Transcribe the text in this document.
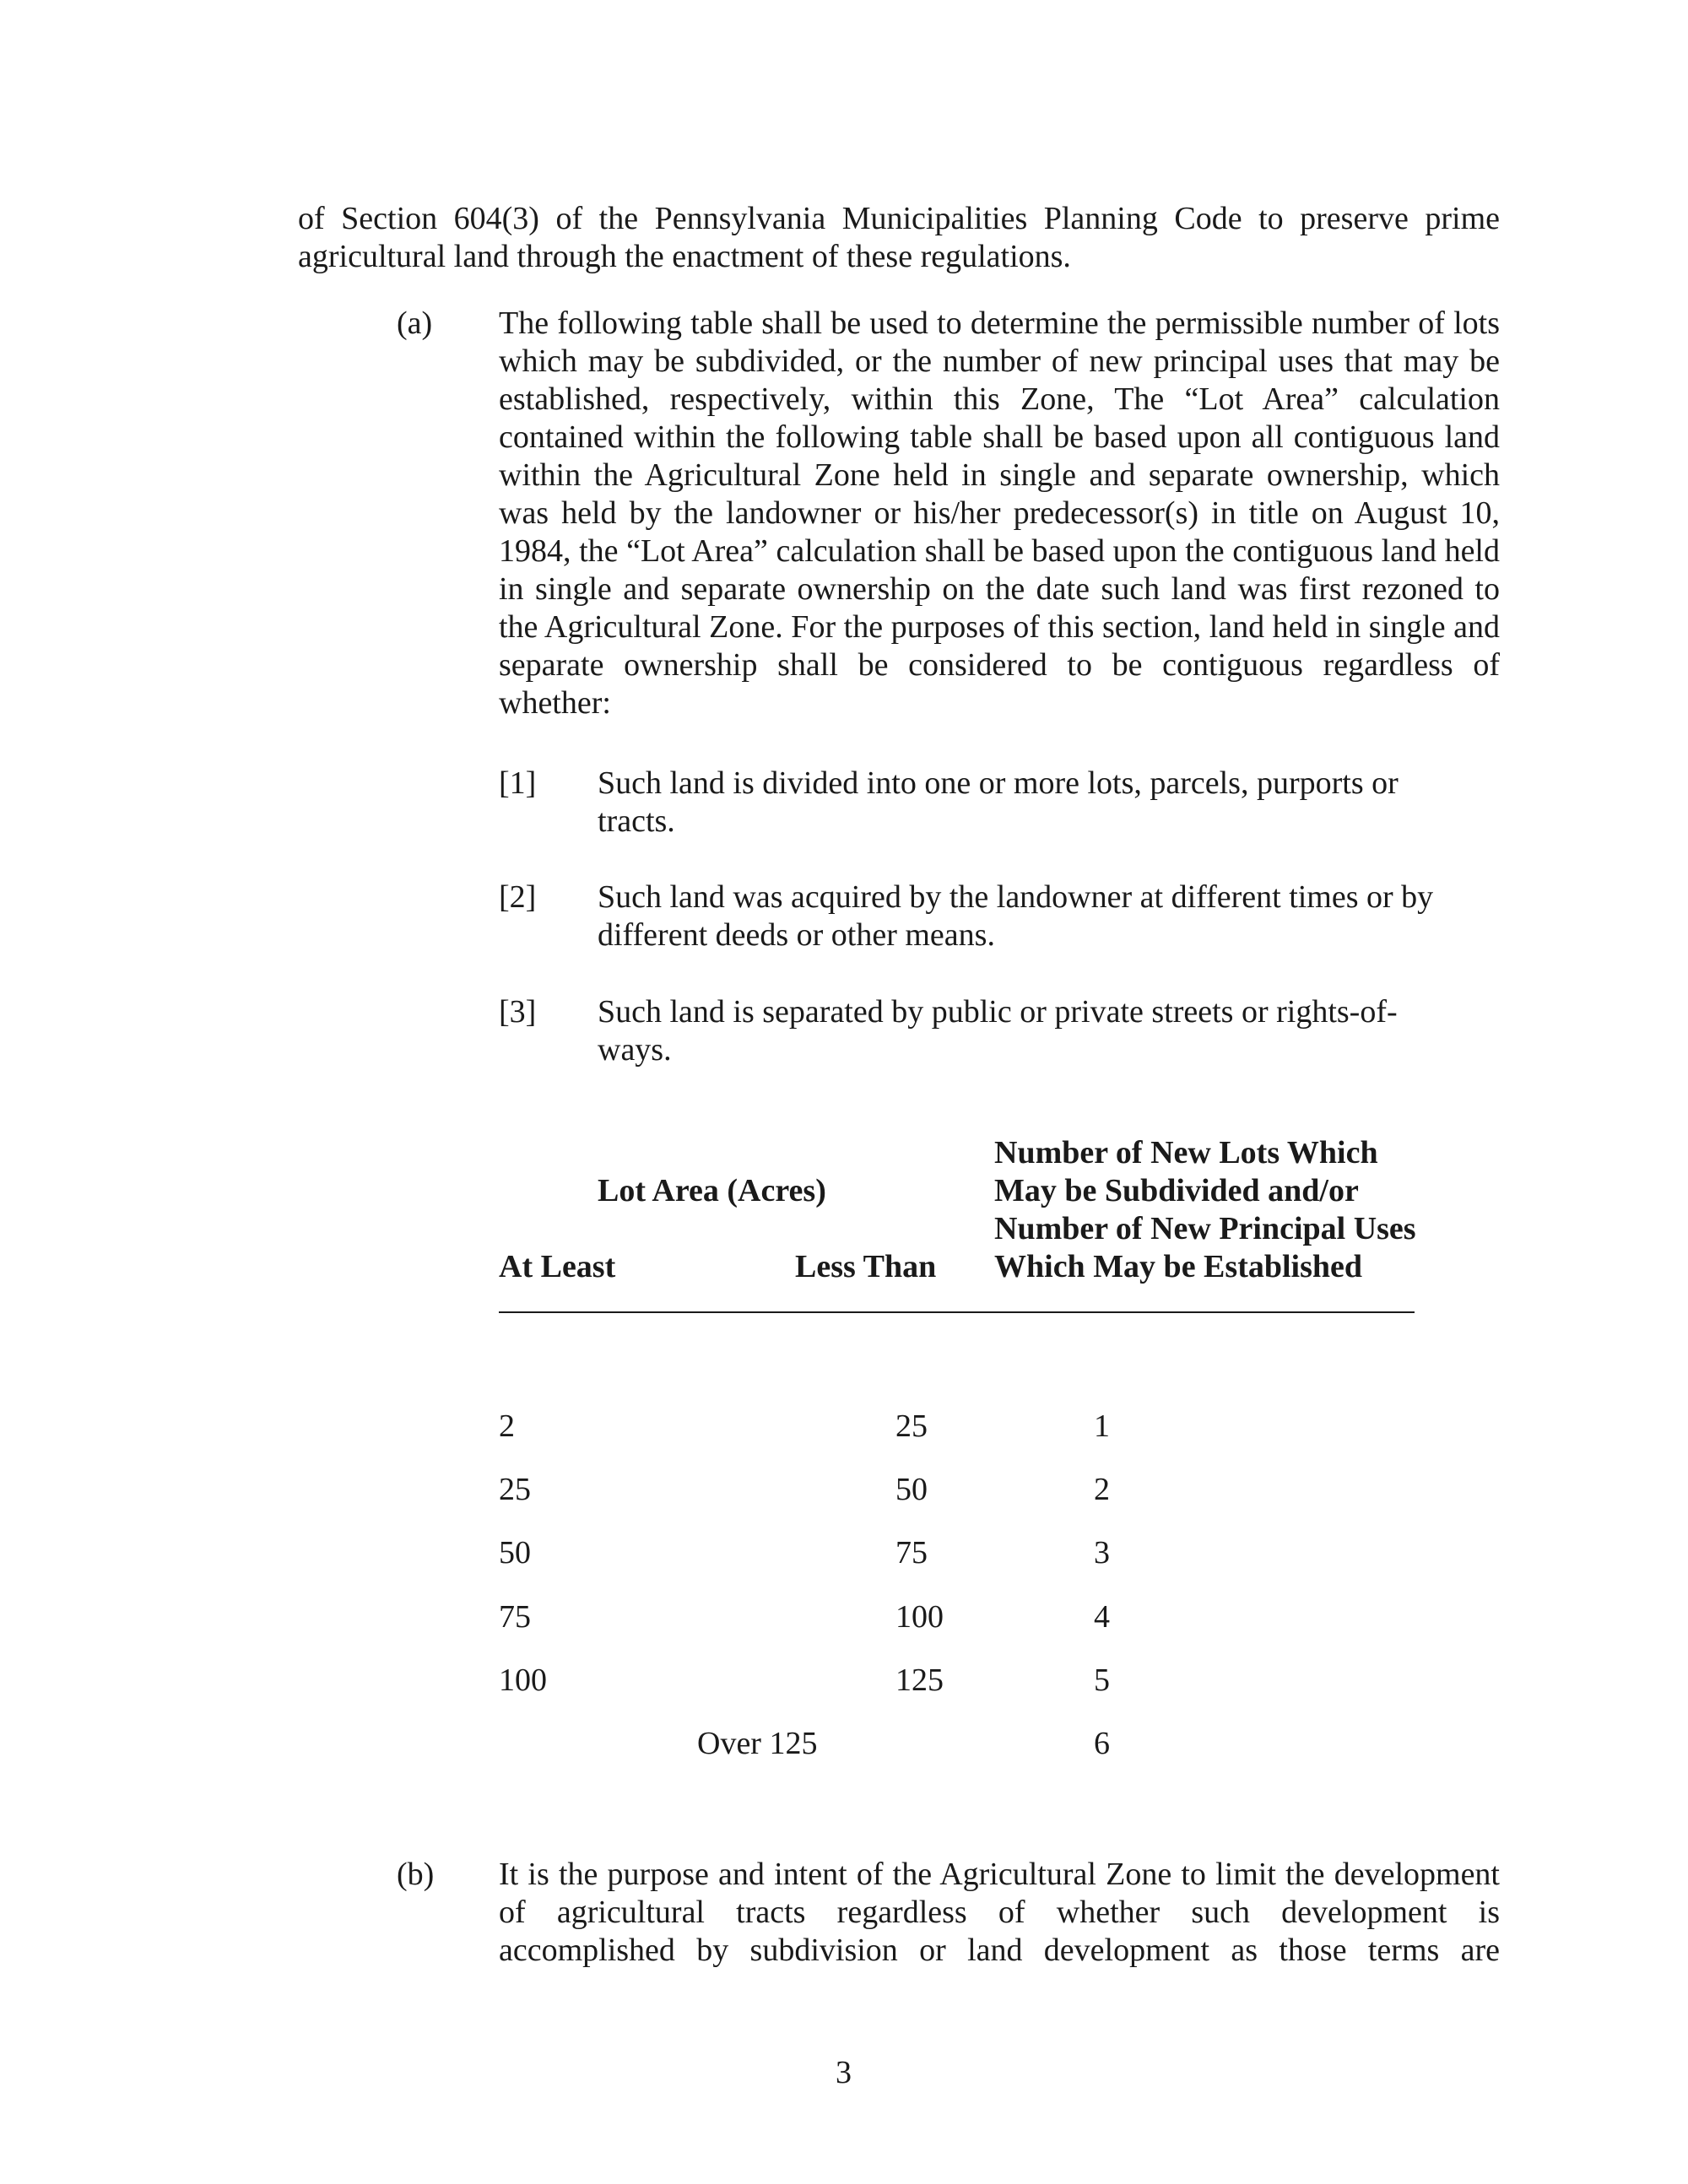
of Section 604(3) of the Pennsylvania Municipalities Planning Code to preserve prime agricultural land through the enactment of these regulations.
(a) The following table shall be used to determine the permissible number of lots which may be subdivided, or the number of new principal uses that may be established, respectively, within this Zone, The “Lot Area” calculation contained within the following table shall be based upon all contiguous land within the Agricultural Zone held in single and separate ownership, which was held by the landowner or his/her predecessor(s) in title on August 10, 1984, the “Lot Area” calculation shall be based upon the contiguous land held in single and separate ownership on the date such land was first rezoned to the Agricultural Zone. For the purposes of this section, land held in single and separate ownership shall be considered to be contiguous regardless of whether:
[1] Such land is divided into one or more lots, parcels, purports or tracts.
[2] Such land was acquired by the landowner at different times or by different deeds or other means.
[3] Such land is separated by public or private streets or rights-of-ways.
Lot Area (Acres)
Number of New Lots Which
May be Subdivided and/or
Number of New Principal Uses
Which May be Established
At Least	Less Than
2	25	1
25	50	2
50	75	3
75	100	4
100	125	5
Over 125	6
(b) It is the purpose and intent of the Agricultural Zone to limit the development
of agricultural tracts regardless of whether such development is
accomplished by subdivision or land development as those terms are
3
